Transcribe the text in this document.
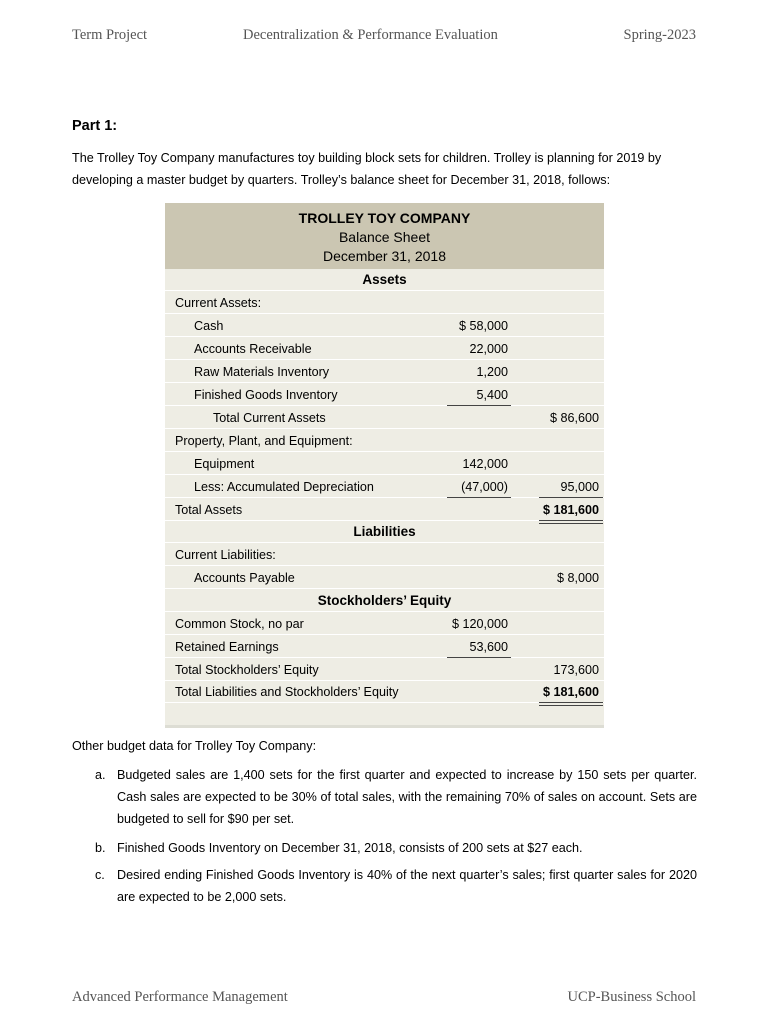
Term Project	Decentralization & Performance Evaluation	Spring-2023
Part 1:
The Trolley Toy Company manufactures toy building block sets for children. Trolley is planning for 2019 by developing a master budget by quarters. Trolley’s balance sheet for December 31, 2018, follows:
TROLLEY TOY COMPANY
Balance Sheet
December 31, 2018
Assets
Current Assets:
Cash	$ 58,000
Accounts Receivable	22,000
Raw Materials Inventory	1,200
Finished Goods Inventory	5,400
Total Current Assets	$ 86,600
Property, Plant, and Equipment:
Equipment	142,000
Less: Accumulated Depreciation	(47,000)	95,000
Total Assets	$ 181,600
Liabilities
Current Liabilities:
Accounts Payable	$ 8,000
Stockholders’ Equity
Common Stock, no par	$ 120,000
Retained Earnings	53,600
Total Stockholders’ Equity	173,600
Total Liabilities and Stockholders’ Equity	$ 181,600
Other budget data for Trolley Toy Company:
a. Budgeted sales are 1,400 sets for the first quarter and expected to increase by 150 sets per quarter. Cash sales are expected to be 30% of total sales, with the remaining 70% of sales on account. Sets are budgeted to sell for $90 per set.
b. Finished Goods Inventory on December 31, 2018, consists of 200 sets at $27 each.
c. Desired ending Finished Goods Inventory is 40% of the next quarter’s sales; first quarter sales for 2020 are expected to be 2,000 sets.
Advanced Performance Management	UCP-Business School
